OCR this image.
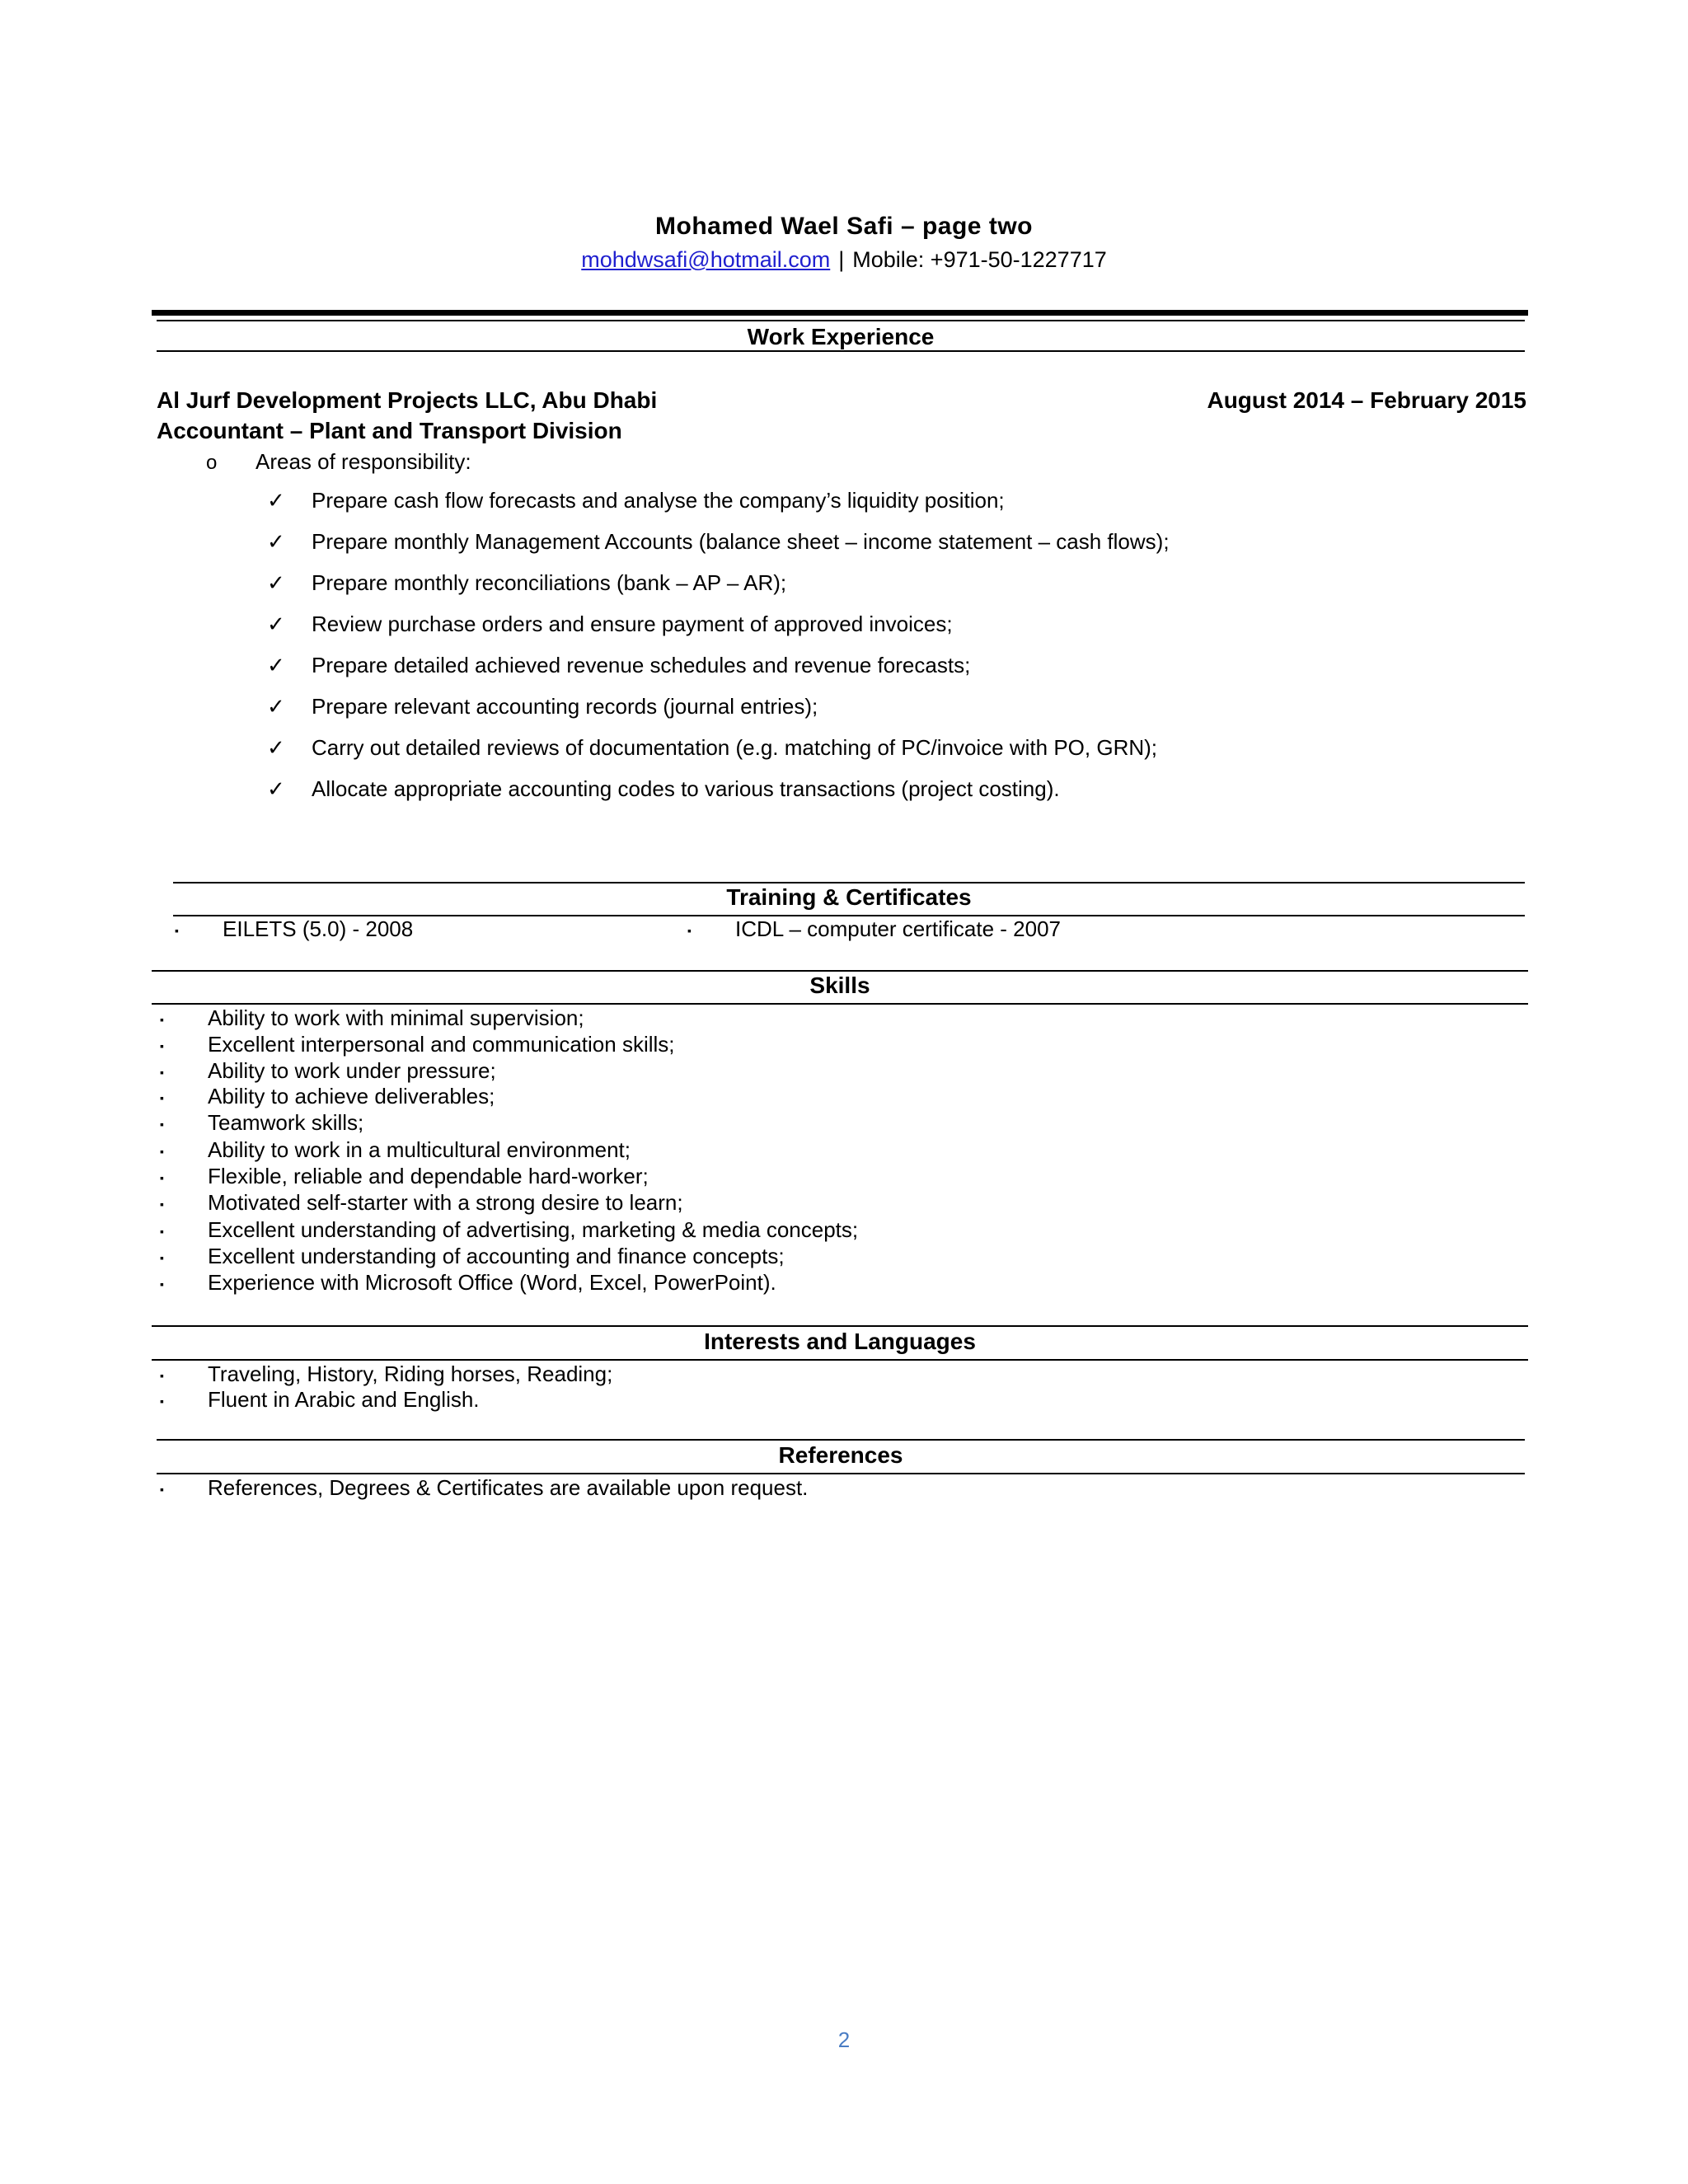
Mohamed Wael Safi – page two
mohdwsafi@hotmail.com | Mobile: +971-50-1227717
Work Experience
Al Jurf Development Projects LLC, Abu Dhabi	August 2014 – February 2015
Accountant – Plant and Transport Division
o Areas of responsibility:
✓ Prepare cash flow forecasts and analyse the company’s liquidity position;
✓ Prepare monthly Management Accounts (balance sheet – income statement – cash flows);
✓ Prepare monthly reconciliations (bank – AP – AR);
✓ Review purchase orders and ensure payment of approved invoices;
✓ Prepare detailed achieved revenue schedules and revenue forecasts;
✓ Prepare relevant accounting records (journal entries);
✓ Carry out detailed reviews of documentation (e.g. matching of PC/invoice with PO, GRN);
✓ Allocate appropriate accounting codes to various transactions (project costing).
Training & Certificates
▪ EILETS (5.0) - 2008	▪ ICDL – computer certificate - 2007
Skills
▪ Ability to work with minimal supervision;
▪ Excellent interpersonal and communication skills;
▪ Ability to work under pressure;
▪ Ability to achieve deliverables;
▪ Teamwork skills;
▪ Ability to work in a multicultural environment;
▪ Flexible, reliable and dependable hard-worker;
▪ Motivated self-starter with a strong desire to learn;
▪ Excellent understanding of advertising, marketing & media concepts;
▪ Excellent understanding of accounting and finance concepts;
▪ Experience with Microsoft Office (Word, Excel, PowerPoint).
Interests and Languages
▪ Traveling, History, Riding horses, Reading;
▪ Fluent in Arabic and English.
References
▪ References, Degrees & Certificates are available upon request.
2
